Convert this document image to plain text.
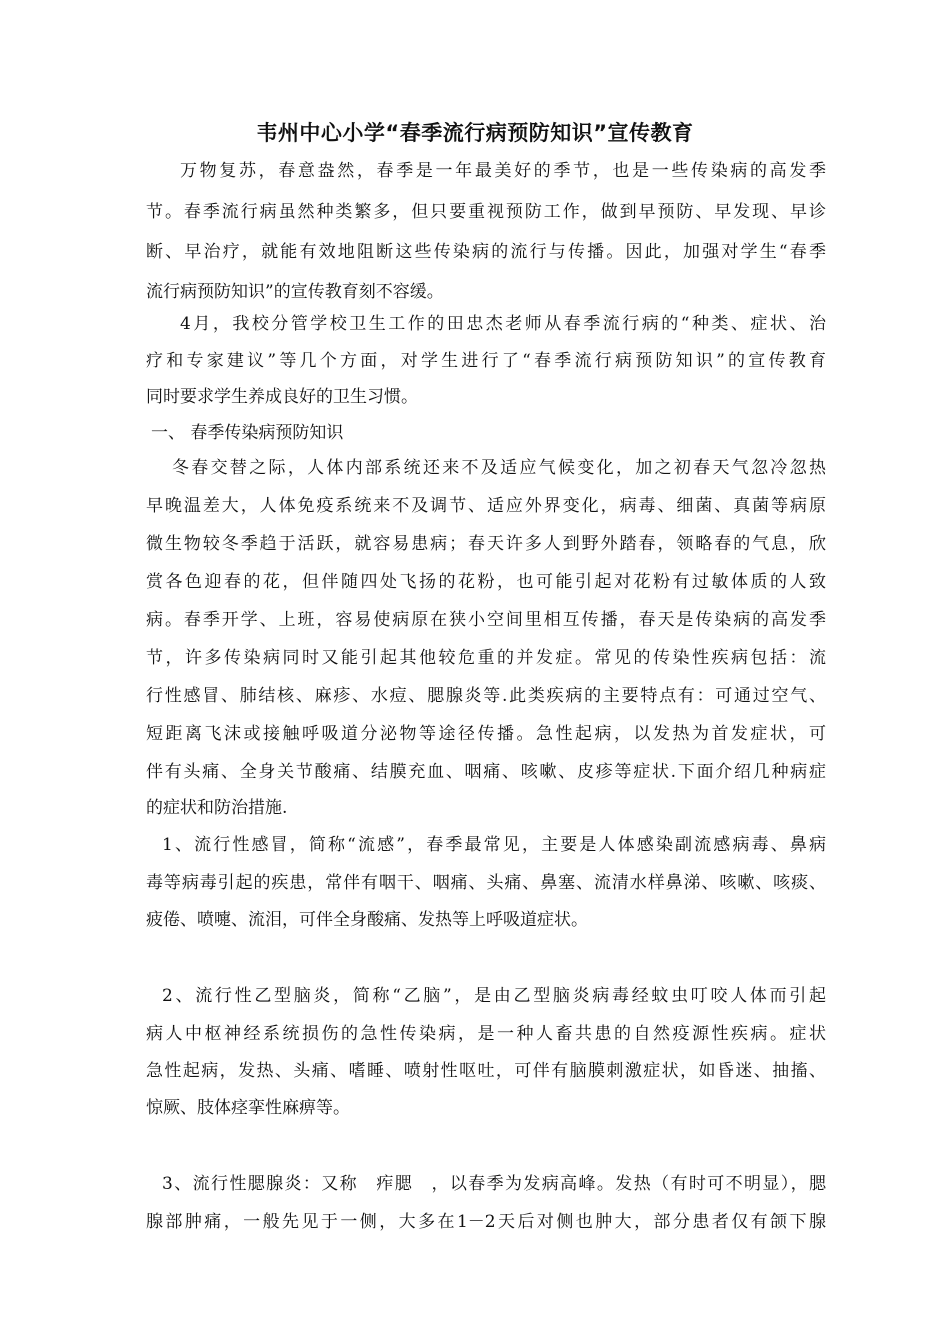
韦州中心小学“春季流行病预防知识”宣传教育
万物复苏，春意盎然，春季是一年最美好的季节，也是一些传染病的高发季
节。春季流行病虽然种类繁多，但只要重视预防工作，做到早预防、早发现、早诊
断、早治疗，就能有效地阻断这些传染病的流行与传播。因此，加强对学生“春季
流行病预防知识”的宣传教育刻不容缓。
4月，我校分管学校卫生工作的田忠杰老师从春季流行病的“种类、症状、治
疗和专家建议”等几个方面，对学生进行了“春季流行病预防知识”的宣传教育
同时要求学生养成良好的卫生习惯。
一、 春季传染病预防知识
冬春交替之际，人体内部系统还来不及适应气候变化，加之初春天气忽冷忽热
早晚温差大，人体免疫系统来不及调节、适应外界变化，病毒、细菌、真菌等病原
微生物较冬季趋于活跃，就容易患病；春天许多人到野外踏春，领略春的气息，欣
赏各色迎春的花，但伴随四处飞扬的花粉，也可能引起对花粉有过敏体质的人致
病。春季开学、上班，容易使病原在狭小空间里相互传播，春天是传染病的高发季
节，许多传染病同时又能引起其他较危重的并发症。常见的传染性疾病包括：流
行性感冒、肺结核、麻疹、水痘、腮腺炎等.此类疾病的主要特点有：可通过空气、
短距离飞沫或接触呼吸道分泌物等途径传播。急性起病，以发热为首发症状，可
伴有头痛、全身关节酸痛、结膜充血、咽痛、咳嗽、皮疹等症状.下面介绍几种病症
的症状和防治措施.
1、流行性感冒，简称“流感”，春季最常见，主要是人体感染副流感病毒、鼻病
毒等病毒引起的疾患，常伴有咽干、咽痛、头痛、鼻塞、流清水样鼻涕、咳嗽、咳痰、
疲倦、喷嚏、流泪，可伴全身酸痛、发热等上呼吸道症状。
2、流行性乙型脑炎，简称“乙脑”，是由乙型脑炎病毒经蚊虫叮咬人体而引起
病人中枢神经系统损伤的急性传染病，是一种人畜共患的自然疫源性疾病。症状
急性起病，发热、头痛、嗜睡、喷射性呕吐，可伴有脑膜刺激症状，如昏迷、抽搐、
惊厥、肢体痉挛性麻痹等。
3、流行性腮腺炎：又称　痄腮　，以春季为发病高峰。发热（有时可不明显），腮
腺部肿痛，一般先见于一侧，大多在1－2天后对侧也肿大，部分患者仅有颌下腺
